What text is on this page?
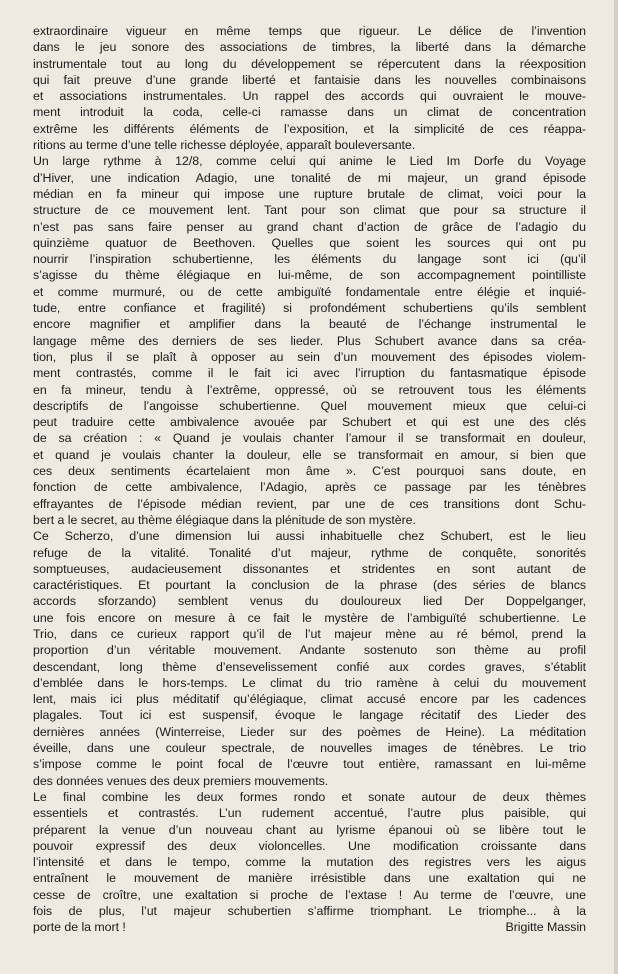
extraordinaire vigueur en même temps que rigueur. Le délice de l’invention
dans le jeu sonore des associations de timbres, la liberté dans la démarche
instrumentale tout au long du développement se répercutent dans la réexposition
qui fait preuve d’une grande liberté et fantaisie dans les nouvelles combinaisons
et associations instrumentales. Un rappel des accords qui ouvraient le mouve-
ment introduit la coda, celle-ci ramasse dans un climat de concentration
extrême les différents éléments de l’exposition, et la simplicité de ces réappa-
ritions au terme d’une telle richesse déployée, apparaît bouleversante.
Un large rythme à 12/8, comme celui qui anime le Lied Im Dorfe du Voyage
d’Hiver, une indication Adagio, une tonalité de mi majeur, un grand épisode
médian en fa mineur qui impose une rupture brutale de climat, voici pour la
structure de ce mouvement lent. Tant pour son climat que pour sa structure il
n’est pas sans faire penser au grand chant d’action de grâce de l’adagio du
quinzième quatuor de Beethoven. Quelles que soient les sources qui ont pu
nourrir l’inspiration schubertienne, les éléments du langage sont ici (qu’il
s’agisse du thème élégiaque en lui-même, de son accompagnement pointilliste
et comme murmuré, ou de cette ambiguïté fondamentale entre élégie et inquié-
tude, entre confiance et fragilité) si profondément schubertiens qu’ils semblent
encore magnifier et amplifier dans la beauté de l’échange instrumental le
langage même des derniers de ses lieder. Plus Schubert avance dans sa créa-
tion, plus il se plaît à opposer au sein d’un mouvement des épisodes violem-
ment contrastés, comme il le fait ici avec l’irruption du fantasmatique épisode
en fa mineur, tendu à l’extrême, oppressé, où se retrouvent tous les éléments
descriptifs de l’angoisse schubertienne. Quel mouvement mieux que celui-ci
peut traduire cette ambivalence avouée par Schubert et qui est une des clés
de sa création : « Quand je voulais chanter l’amour il se transformait en douleur,
et quand je voulais chanter la douleur, elle se transformait en amour, si bien que
ces deux sentiments écartelaient mon âme ». C’est pourquoi sans doute, en
fonction de cette ambivalence, l’Adagio, après ce passage par les ténèbres
effrayantes de l’épisode médian revient, par une de ces transitions dont Schu-
bert a le secret, au thème élégiaque dans la plénitude de son mystère.
Ce Scherzo, d’une dimension lui aussi inhabituelle chez Schubert, est le lieu
refuge de la vitalité. Tonalité d’ut majeur, rythme de conquête, sonorités
somptueuses, audacieusement dissonantes et stridentes en sont autant de
caractéristiques. Et pourtant la conclusion de la phrase (des séries de blancs
accords sforzando) semblent venus du douloureux lied Der Doppelganger,
une fois encore on mesure à ce fait le mystère de l’ambiguïté schubertienne. Le
Trio, dans ce curieux rapport qu’il de l’ut majeur mène au ré bémol, prend la
proportion d’un véritable mouvement. Andante sostenuto son thème au profil
descendant, long thème d’ensevelissement confié aux cordes graves, s’établit
d’emblée dans le hors-temps. Le climat du trio ramène à celui du mouvement
lent, mais ici plus méditatif qu’élégiaque, climat accusé encore par les cadences
plagales. Tout ici est suspensif, évoque le langage récitatif des Lieder des
dernières années (Winterreise, Lieder sur des poèmes de Heine). La méditation
éveille, dans une couleur spectrale, de nouvelles images de ténèbres. Le trio
s’impose comme le point focal de l’œuvre tout entière, ramassant en lui-même
des données venues des deux premiers mouvements.
Le final combine les deux formes rondo et sonate autour de deux thèmes
essentiels et contrastés. L’un rudement accentué, l’autre plus paisible, qui
préparent la venue d’un nouveau chant au lyrisme épanoui où se libère tout le
pouvoir expressif des deux violoncelles. Une modification croissante dans
l’intensité et dans le tempo, comme la mutation des registres vers les aigus
entraînent le mouvement de manière irrésistible dans une exaltation qui ne
cesse de croître, une exaltation si proche de l’extase ! Au terme de l’œuvre, une
fois de plus, l’ut majeur schubertien s’affirme triomphant. Le triomphe... à la
porte de la mort !	Brigitte Massin
